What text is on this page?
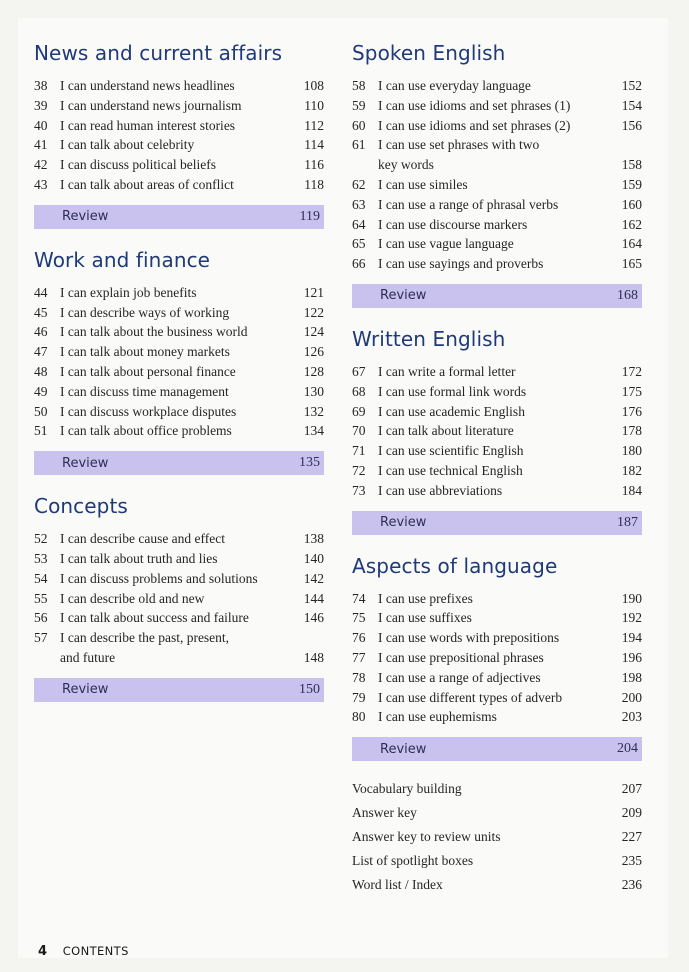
News and current affairs
38 I can understand news headlines	108
39 I can understand news journalism	110
40 I can read human interest stories	112
41 I can talk about celebrity	114
42 I can discuss political beliefs	116
43 I can talk about areas of conflict	118
Review	119
Work and finance
44 I can explain job benefits	121
45 I can describe ways of working	122
46 I can talk about the business world	124
47 I can talk about money markets	126
48 I can talk about personal finance	128
49 I can discuss time management	130
50 I can discuss workplace disputes	132
51 I can talk about office problems	134
Review	135
Concepts
52 I can describe cause and effect	138
53 I can talk about truth and lies	140
54 I can discuss problems and solutions	142
55 I can describe old and new	144
56 I can talk about success and failure	146
57 I can describe the past, present, and future	148
Review	150
Spoken English
58 I can use everyday language	152
59 I can use idioms and set phrases (1)	154
60 I can use idioms and set phrases (2)	156
61 I can use set phrases with two key words	158
62 I can use similes	159
63 I can use a range of phrasal verbs	160
64 I can use discourse markers	162
65 I can use vague language	164
66 I can use sayings and proverbs	165
Review	168
Written English
67 I can write a formal letter	172
68 I can use formal link words	175
69 I can use academic English	176
70 I can talk about literature	178
71 I can use scientific English	180
72 I can use technical English	182
73 I can use abbreviations	184
Review	187
Aspects of language
74 I can use prefixes	190
75 I can use suffixes	192
76 I can use words with prepositions	194
77 I can use prepositional phrases	196
78 I can use a range of adjectives	198
79 I can use different types of adverb	200
80 I can use euphemisms	203
Review	204
Vocabulary building	207
Answer key	209
Answer key to review units	227
List of spotlight boxes	235
Word list / Index	236
4 CONTENTS
